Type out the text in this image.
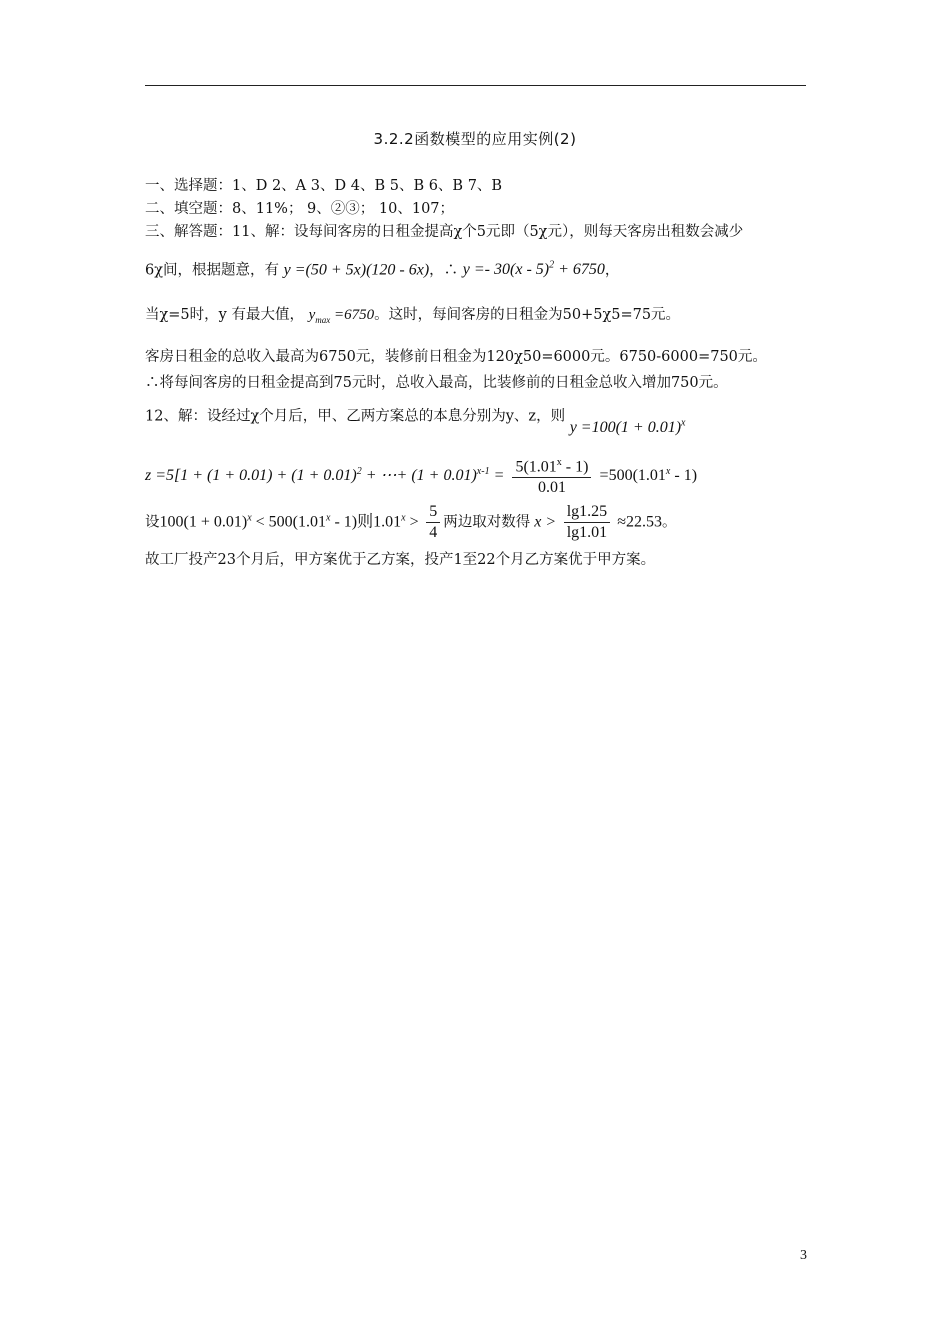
3.2.2函数模型的应用实例(2)
一、选择题：1、D 2、A 3、D 4、B 5、B 6、B 7、B
二、填空题：8、11%； 9、②③； 10、107；
三、解答题：11、解：设每间客房的日租金提高χ个5元即（5χ元），则每天客房出租数会减少
6χ间，根据题意，有 y =(50 + 5x)(120 - 6x)，∴ y =- 30(x - 5)$^2$ + 6750，
当χ=5时，y 有最大值， $y_{max} =6750$。这时，每间客房的日租金为50+5χ5=75元。
客房日租金的总收入最高为6750元，装修前日租金为120χ50=6000元。6750-6000=750元。
∴将每间客房的日租金提高到75元时，总收入最高，比装修前的日租金总收入增加750元。
12、解：设经过χ个月后，甲、乙两方案总的本息分别为y、z，则 $y =100(1 + 0.01)^x$
$z =5[1 + (1 + 0.01) + (1 + 0.01)^2$ + ⋯+ $(1 + 0.01)^{x-1} = \frac{5(1.01^x - 1)}{0.01} =500(1.01^x - 1)$
设$100(1 + 0.01)^x < 500(1.01^x - 1)$则$1.01^x > \frac{5}{4}$ 两边取对数得 $x > \frac{\lg 1.25}{\lg 1.01} \approx 22.53$。
故工厂投产23个月后，甲方案优于乙方案，投产1至22个月乙方案优于甲方案。
3
